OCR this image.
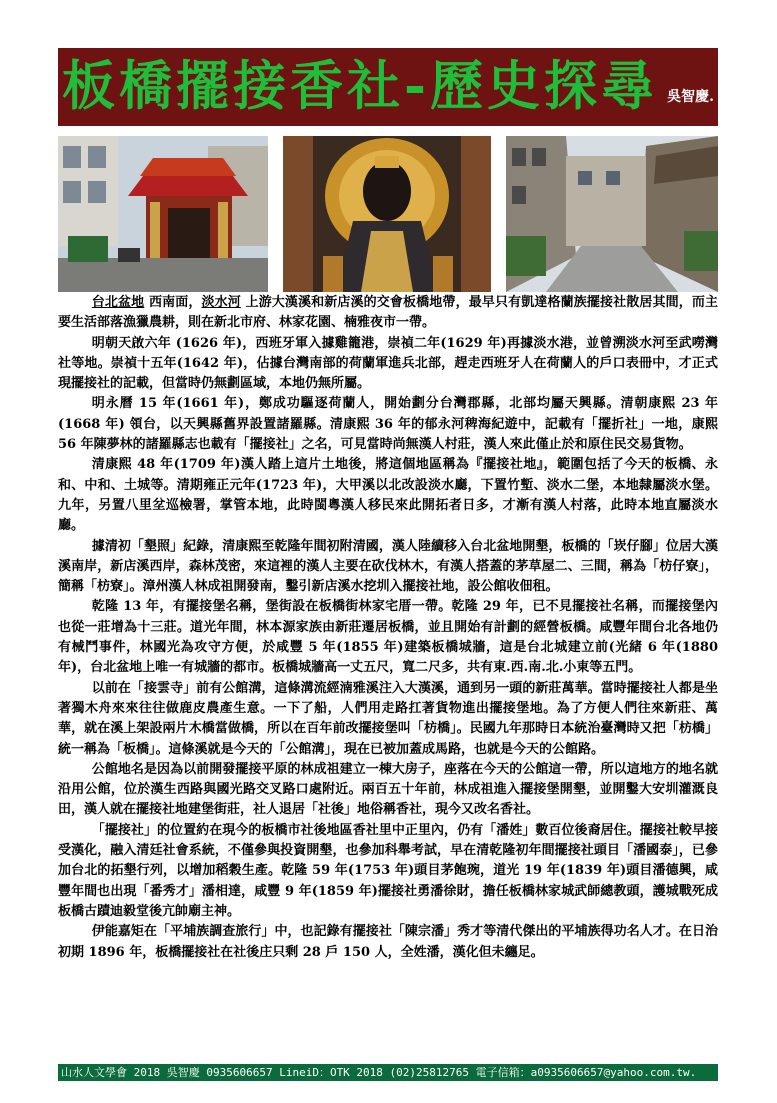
板橋擺接香社-歷史探尋 吳智慶.

台北盆地 西南面，淡水河 上游大漢溪和新店溪的交會板橋地帶，最早只有凱達格蘭族擺接社散居其間，而主要生活部落漁獵農耕，則在新北市府、林家花園、楠雅夜市一帶。

明朝天啟六年 (1626 年)，西班牙軍入據雞籠港，崇禎二年(1629 年)再據淡水港，並曾溯淡水河至武嘮灣社等地。崇禎十五年(1642 年)，佔據台灣南部的荷蘭軍進兵北部，趕走西班牙人在荷蘭人的戶口表冊中，才正式現擺接社的記載，但當時仍無劃區域，本地仍無所屬。

明永曆 15 年(1661 年)，鄭成功驅逐荷蘭人，開始劃分台灣郡縣，北部均屬天興縣。清朝康熙 23 年(1668 年) 領台，以天興縣舊界設置諸羅縣。清康熙 36 年的郁永河稗海紀遊中，記載有「擺折社」一地，康熙 56 年陳夢林的諸羅縣志也載有「擺接社」之名，可見當時尚無漢人村莊，漢人來此僅止於和原住民交易貨物。

清康熙 48 年(1709 年)漢人踏上這片土地後，將這個地區稱為『擺接社地』，範圍包括了今天的板橋、永和、中和、土城等。清期雍正元年(1723 年)，大甲溪以北改設淡水廳，下置竹塹、淡水二堡，本地隸屬淡水堡。九年，另置八里坌巡檢署，掌管本地，此時閩粵漢人移民來此開拓者日多，才漸有漢人村落，此時本地直屬淡水廳。

據清初「墾照」紀錄，清康熙至乾隆年間初附清國，漢人陸續移入台北盆地開墾，板橋的「崁仔腳」位居大漢溪南岸，新店溪西岸，森林茂密，來這裡的漢人主要在砍伐林木，有漢人搭蓋的茅草屋二、三間，稱為「枋仔寮」，簡稱「枋寮」。漳州漢人林成祖開發南，鑿引新店溪水挖圳入擺接社地，設公館收佃租。

乾隆 13 年，有擺接堡名稱，堡街設在板橋街林家宅厝一帶。乾隆 29 年，已不見擺接社名稱，而擺接堡內也從一莊增為十三莊。道光年間，林本源家族由新莊遷居板橋，並且開始有計劃的經營板橋。咸豐年間台北各地仍有械鬥事件，林國光為攻守方便，於咸豐 5 年(1855 年)建築板橋城牆，這是台北城建立前(光緒 6 年(1880 年)，台北盆地上唯一有城牆的都市。板橋城牆高一丈五尺，寬二尺多，共有東.西.南.北.小東等五門。

以前在「接雲寺」前有公館溝，這條溝流經湳雅溪注入大漢溪，通到另一頭的新莊萬華。當時擺接社人都是坐著獨木舟來來往往做鹿皮農產生意。一下了船，人們用走路扛著貨物進出擺接堡地。為了方便人們往來新莊、萬華，就在溪上架設兩片木橋當做橋，所以在百年前改擺接堡叫「枋橋」。民國九年那時日本統治臺灣時又把「枋橋」統一稱為「板橋」。這條溪就是今天的「公館溝」，現在已被加蓋成馬路，也就是今天的公館路。

公館地名是因為以前開發擺接平原的林成祖建立一棟大房子，座落在今天的公館這一帶，所以這地方的地名就沿用公館，位於漢生西路與國光路交叉路口處附近。兩百五十年前，林成祖進入擺接堡開墾，並開鑿大安圳灌溉良田，漢人就在擺接社地建堡街莊，社人退居「社後」地俗稱香社，現今又改名香社。

「擺接社」的位置約在現今的板橋市社後地區香社里中正里內，仍有「潘姓」數百位後裔居住。擺接社較早接受漢化，融入清廷社會系統，不僅參與投資開墾，也參加科舉考試，早在清乾隆初年間擺接社頭目「潘國泰」，已參加台北的拓墾行列，以增加稻穀生產。乾隆 59 年(1753 年)頭目茅飽琬，道光 19 年(1839 年)頭目潘德興，咸豐年間也出現「番秀才」潘相達，咸豐 9 年(1859 年)擺接社勇潘徐財，擔任板橋林家城武師總教頭，護城戰死成板橋古蹟迪毅堂後亢帥廟主神。

伊能嘉矩在「平埔族調查旅行」中，也記錄有擺接社「陳宗潘」秀才等清代傑出的平埔族得功名人才。在日治初期 1896 年，板橋擺接社在社後庄只剩 28 戶 150 人，全姓潘，漢化但未纏足。

山水人文學會 2018 吳智慶 0935606657 LineiD：OTK 2018 (02)25812765 電子信箱：a0935606657@yahoo.com.tw.
